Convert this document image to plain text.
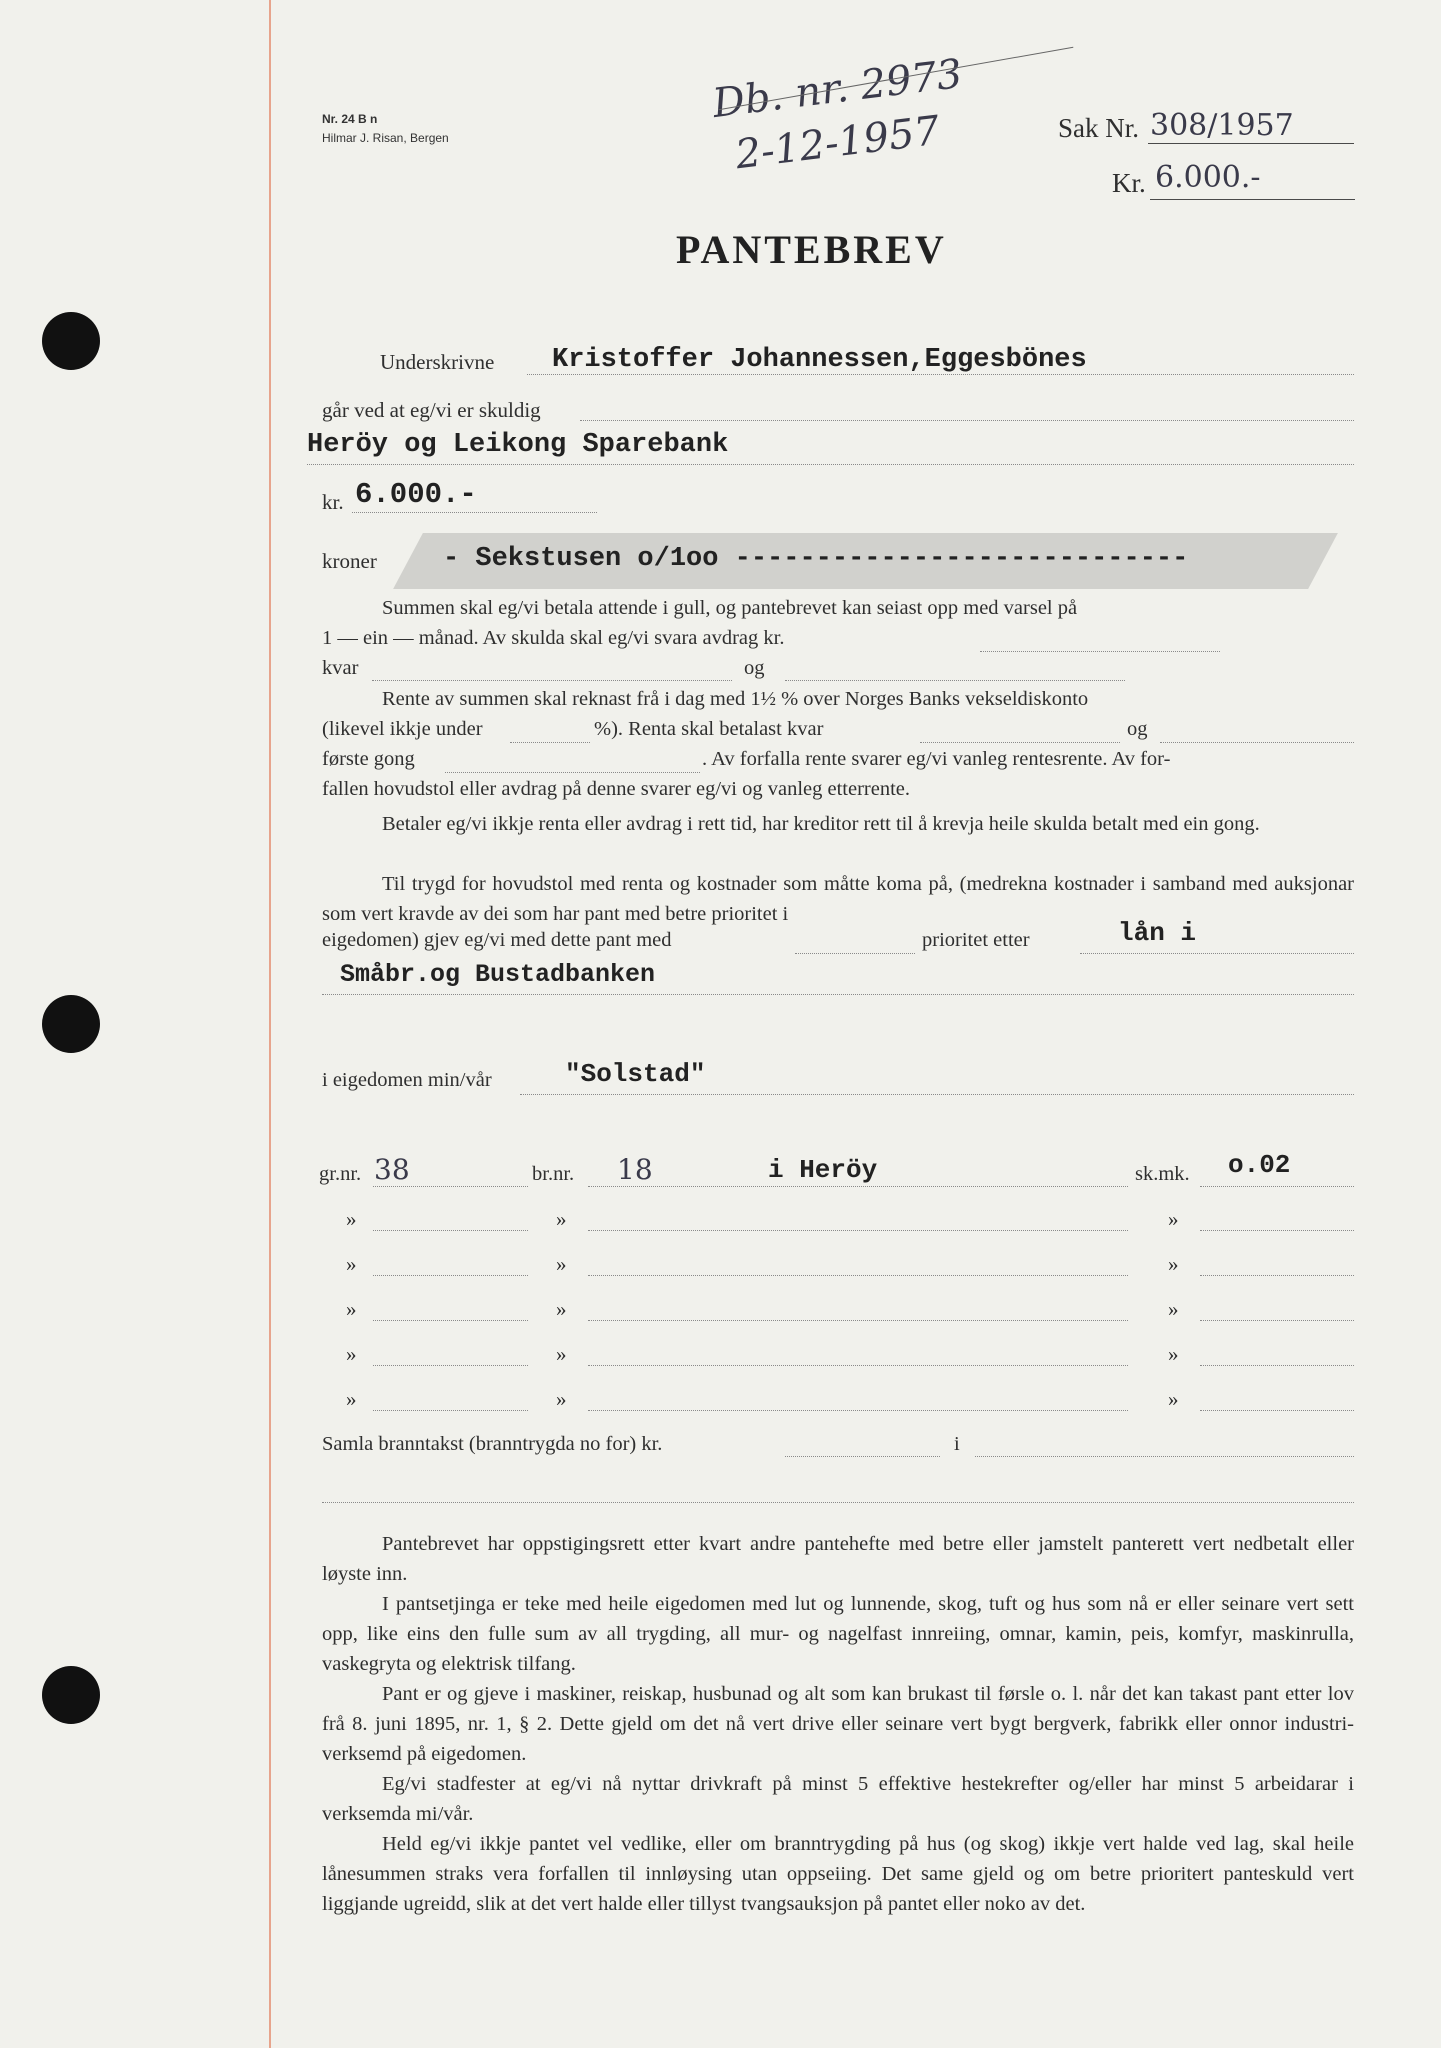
Nr. 24 B n
Hilmar J. Risan, Bergen
Db. nr. 2973
2-12-1957	Sak Nr. 308/1957
Kr. 6.000.-
PANTEBREV
Underskrivne Kristoffer Johannessen,Eggesbönes
går ved at eg/vi er skuldig
Heröy og Leikong Sparebank
kr. 6.000.-
kroner - Sekstusen o/1oo ----------------------------
Summen skal eg/vi betala attende i gull, og pantebrevet kan seiast opp med varsel på
1 — ein — månad. Av skulda skal eg/vi svara avdrag kr.
kvar	og
Rente av summen skal reknast frå i dag med 1½ % over Norges Banks vekseldiskonto
(likevel ikkje under	%). Renta skal betalast kvar	og
første gong	. Av forfalla rente svarer eg/vi vanleg rentesrente. Av for-
fallen hovudstol eller avdrag på denne svarer eg/vi og vanleg etterrente.

Betaler eg/vi ikkje renta eller avdrag i rett tid, har kreditor rett til å krevja heile skulda betalt med ein gong.

Til trygd for hovudstol med renta og kostnader som måtte koma på, (medrekna kostnader i samband med auksjonar som vert kravde av dei som har pant med betre prioritet i

eigedomen) gjev eg/vi med dette pant med	prioritet etter	lån i
Småbr.og Bustadbanken
i eigedomen min/vår	"Solstad"
gr.nr. 38	br.nr. 18	i Heröy	sk.mk. o.02
»	»	»
»	»	»
»	»	»
»	»	»
»	»	»
Samla branntakst (branntrygda no for) kr.	i

Pantebrevet har oppstigingsrett etter kvart andre pantehefte med betre eller jamstelt panterett vert nedbetalt eller løyste inn.

I pantsetjinga er teke med heile eigedomen med lut og lunnende, skog, tuft og hus som nå er eller seinare vert sett opp, like eins den fulle sum av all trygding, all mur- og nagelfast innreiing, omnar, kamin, peis, komfyr, maskinrulla, vaskegryta og elektrisk tilfang.

Pant er og gjeve i maskiner, reiskap, husbunad og alt som kan brukast til førsle o. l. når det kan takast pant etter lov frå 8. juni 1895, nr. 1, § 2. Dette gjeld om det nå vert drive eller seinare vert bygt bergverk, fabrikk eller onnor industri-verksemd på eigedomen.

Eg/vi stadfester at eg/vi nå nyttar drivkraft på minst 5 effektive hestekrefter og/eller har minst 5 arbeidarar i verksemda mi/vår.

Held eg/vi ikkje pantet vel vedlike, eller om branntrygding på hus (og skog) ikkje vert halde ved lag, skal heile lånesummen straks vera forfallen til innløysing utan oppseiing. Det same gjeld og om betre prioritert panteskuld vert liggjande ugreidd, slik at det vert halde eller tillyst tvangsauksjon på pantet eller noko av det.
